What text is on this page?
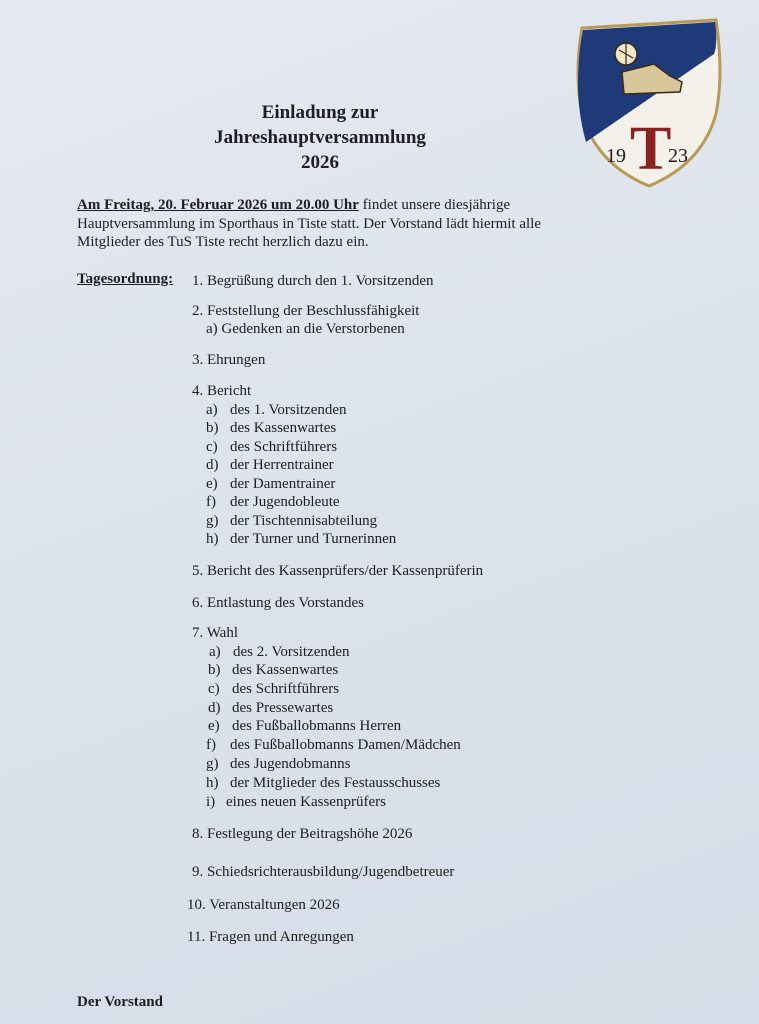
Einladung zur
Jahreshauptversammlung
2026	19 T
23
Am Freitag, 20. Februar 2026 um 20.00 Uhr findet unsere diesjährige
Hauptversammlung im Sporthaus in Tiste statt. Der Vorstand lädt hiermit alle
Mitglieder des TuS Tiste recht herzlich dazu ein.
Tagesordnung: 1. Begrüßung durch den 1. Vorsitzenden
2. Feststellung der Beschlussfähigkeit
a) Gedenken an die Verstorbenen
3. Ehrungen
4. Bericht
a) des 1. Vorsitzenden
b) des Kassenwartes
c) des Schriftführers
d) der Herrentrainer
e) der Damentrainer
f) der Jugendobleute
g) der Tischtennisabteilung
h) der Turner und Turnerinnen
5. Bericht des Kassenprüfers/der Kassenprüferin
6. Entlastung des Vorstandes
7. Wahl
a) des 2. Vorsitzenden
b) des Kassenwartes
c) des Schriftführers
d) des Pressewartes
e) des Fußballobmanns Herren
f) des Fußballobmanns Damen/Mädchen
g) des Jugendobmanns
h) der Mitglieder des Festausschusses
i) eines neuen Kassenprüfers
8. Festlegung der Beitragshöhe 2026
9. Schiedsrichterausbildung/Jugendbetreuer
10. Veranstaltungen 2026
11. Fragen und Anregungen
Der Vorstand
